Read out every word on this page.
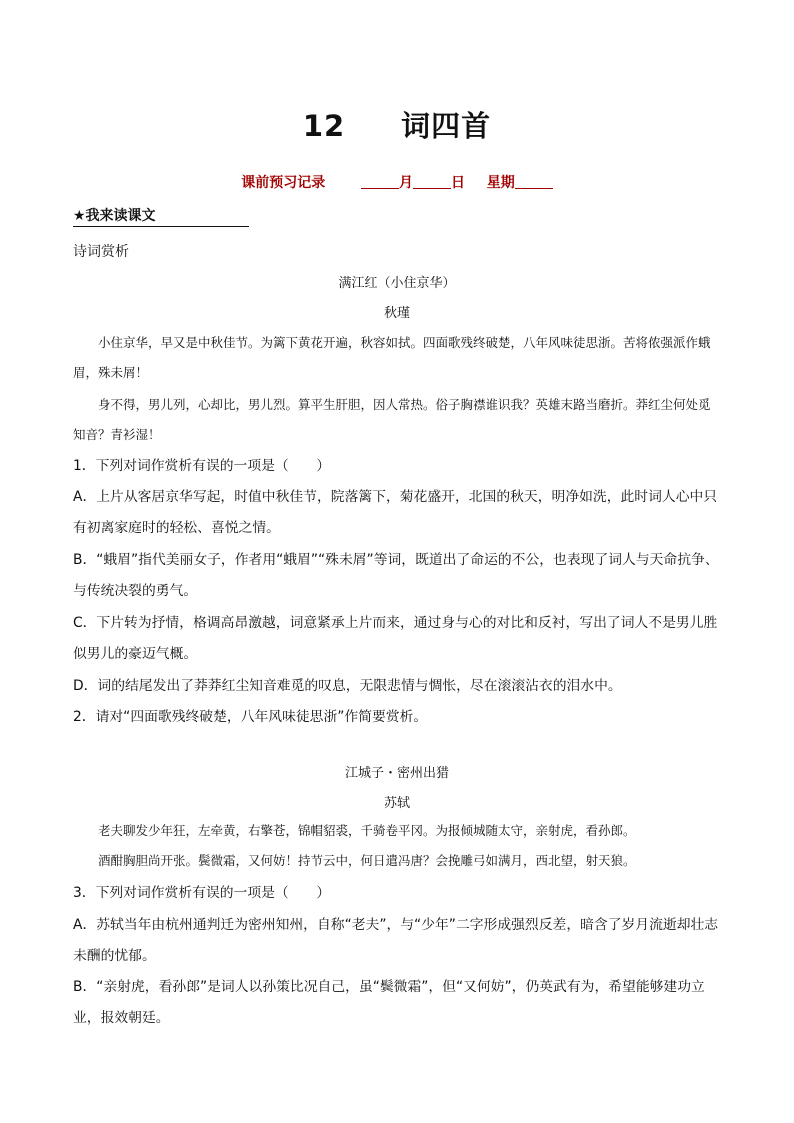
12 词四首
课前预习记录	月	日 星期
★我来读课文
诗词赏析
满江红（小住京华）
秋瑾
小住京华，早又是中秋佳节。为篱下黄花开遍，秋容如拭。四面歌残终破楚，八年风味徒思浙。苦将侬强派作蛾眉，殊未屑！
身不得，男儿列，心却比，男儿烈。算平生肝胆，因人常热。俗子胸襟谁识我？英雄末路当磨折。莽红尘何处觅知音？青衫湿！
1．下列对词作赏析有误的一项是（　　）
A．上片从客居京华写起，时值中秋佳节，院落篱下，菊花盛开，北国的秋天，明净如洗，此时词人心中只有初离家庭时的轻松、喜悦之情。
B．“蛾眉”指代美丽女子，作者用“蛾眉”“殊未屑”等词，既道出了命运的不公，也表现了词人与天命抗争、与传统决裂的勇气。
C．下片转为抒情，格调高昂激越，词意紧承上片而来，通过身与心的对比和反衬，写出了词人不是男儿胜似男儿的豪迈气概。
D．词的结尾发出了莽莽红尘知音难觅的叹息，无限悲情与惆怅，尽在滚滚沾衣的泪水中。
2．请对“四面歌残终破楚，八年风味徒思浙”作简要赏析。
江城子・密州出猎
苏轼
老夫聊发少年狂，左牵黄，右擎苍，锦帽貂裘，千骑卷平冈。为报倾城随太守，亲射虎，看孙郎。
酒酣胸胆尚开张。鬓微霜，又何妨！持节云中，何日遣冯唐？会挽雕弓如满月，西北望，射天狼。
3．下列对词作赏析有误的一项是（　　）
A．苏轼当年由杭州通判迁为密州知州，自称“老夫”，与“少年”二字形成强烈反差，暗含了岁月流逝却壮志未酬的忧郁。
B．“亲射虎，看孙郎”是词人以孙策比况自己，虽“鬓微霜”，但“又何妨”，仍英武有为，希望能够建功立业，报效朝廷。
